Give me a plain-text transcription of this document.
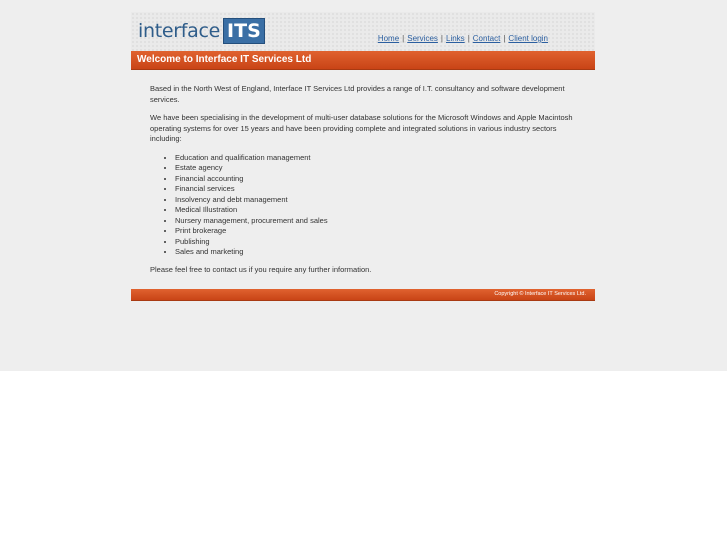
interface ITS	Home | Services | Links | Contact | Client login
Welcome to Interface IT Services Ltd

Based in the North West of England, Interface IT Services Ltd provides a range of I.T. consultancy and software development services.

We have been specialising in the development of multi-user database solutions for the Microsoft Windows and Apple Macintosh operating systems for over 15 years and have been providing complete and integrated solutions in various industry sectors including:

• Education and qualification management
• Estate agency
• Financial accounting
• Financial services
• Insolvency and debt management
• Medical Illustration
• Nursery management, procurement and sales
• Print brokerage
• Publishing
• Sales and marketing

Please feel free to contact us if you require any further information.

Copyright © Interface IT Services Ltd.
